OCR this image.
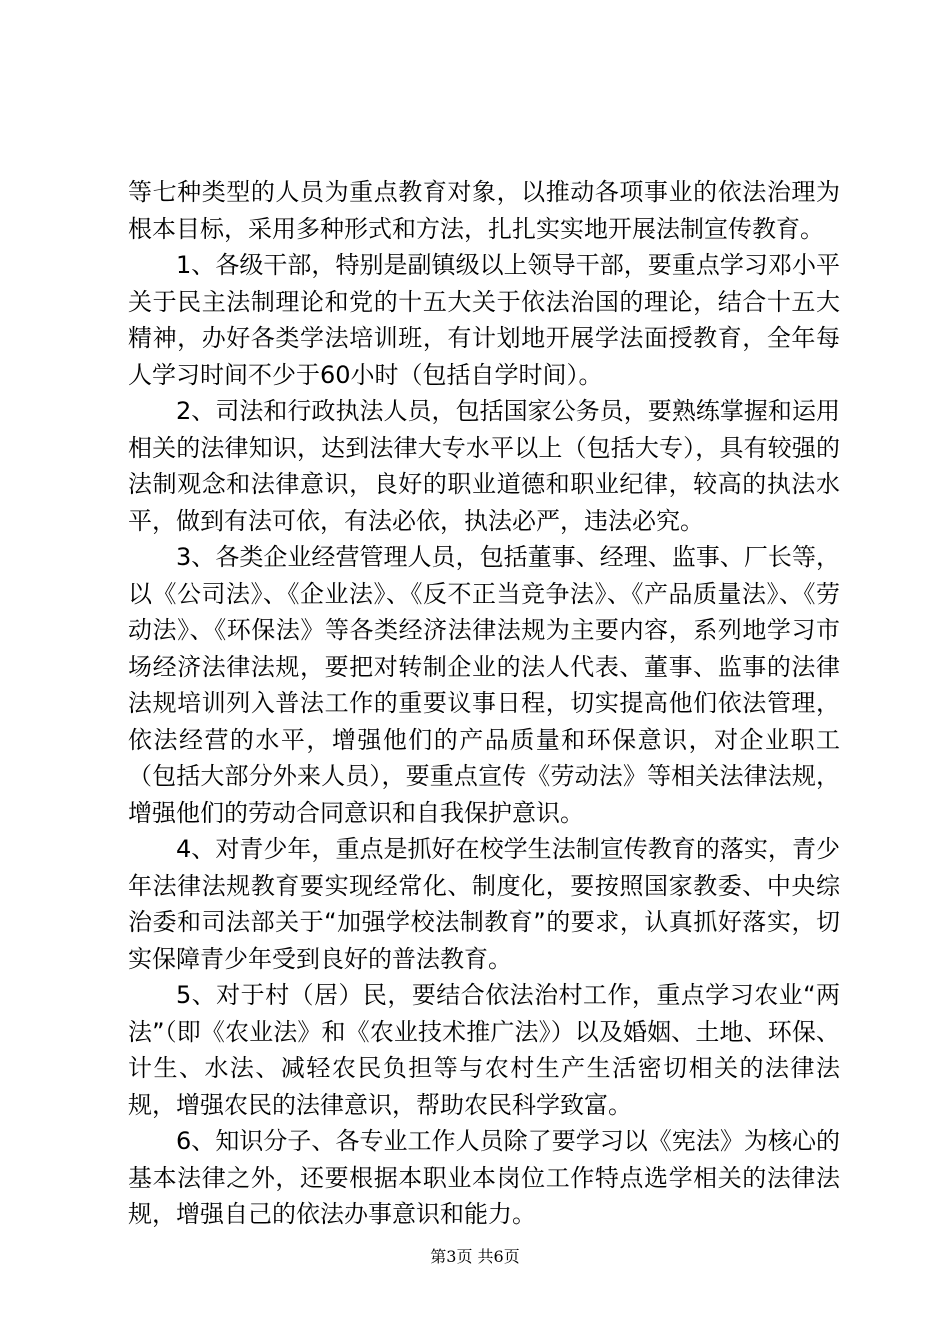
等七种类型的人员为重点教育对象，以推动各项事业的依法治理为根本目标，采用多种形式和方法，扎扎实实地开展法制宣传教育。

1、各级干部，特别是副镇级以上领导干部，要重点学习邓小平关于民主法制理论和党的十五大关于依法治国的理论，结合十五大精神，办好各类学法培训班，有计划地开展学法面授教育，全年每人学习时间不少于60小时（包括自学时间）。

2、司法和行政执法人员，包括国家公务员，要熟练掌握和运用相关的法律知识，达到法律大专水平以上（包括大专），具有较强的法制观念和法律意识，良好的职业道德和职业纪律，较高的执法水平，做到有法可依，有法必依，执法必严，违法必究。

3、各类企业经营管理人员，包括董事、经理、监事、厂长等，以《公司法》、《企业法》、《反不正当竞争法》、《产品质量法》、《劳动法》、《环保法》等各类经济法律法规为主要内容，系列地学习市场经济法律法规，要把对转制企业的法人代表、董事、监事的法律法规培训列入普法工作的重要议事日程，切实提高他们依法管理，依法经营的水平，增强他们的产品质量和环保意识，对企业职工（包括大部分外来人员），要重点宣传《劳动法》等相关法律法规，增强他们的劳动合同意识和自我保护意识。

4、对青少年，重点是抓好在校学生法制宣传教育的落实，青少年法律法规教育要实现经常化、制度化，要按照国家教委、中央综治委和司法部关于“加强学校法制教育”的要求，认真抓好落实，切实保障青少年受到良好的普法教育。

5、对于村（居）民，要结合依法治村工作，重点学习农业“两法”（即《农业法》和《农业技术推广法》）以及婚姻、土地、环保、计生、水法、减轻农民负担等与农村生产生活密切相关的法律法规，增强农民的法律意识，帮助农民科学致富。

6、知识分子、各专业工作人员除了要学习以《宪法》为核心的基本法律之外，还要根据本职业本岗位工作特点选学相关的法律法规，增强自己的依法办事意识和能力。

第3页 共6页
